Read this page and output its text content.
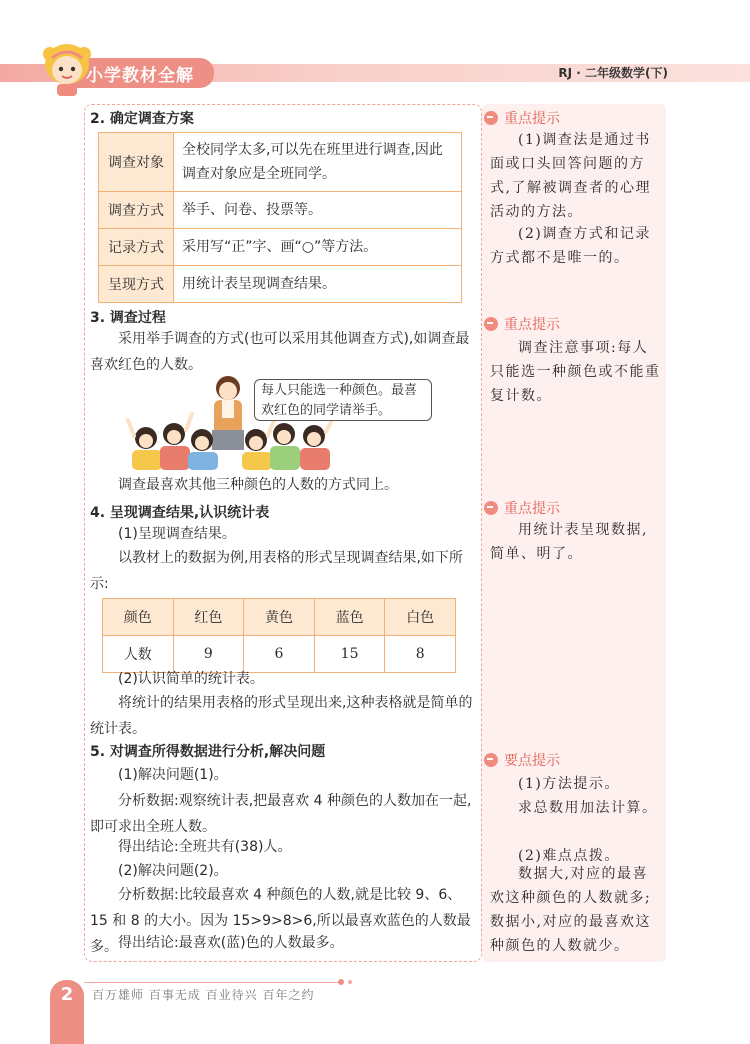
小学教材全解	RJ · 二年级数学(下)
2. 确定调查方案
调查对象	全校同学太多,可以先在班里进行调查,因此调查对象应是全班同学。
调查方式	举手、问卷、投票等。
记录方式	采用写“正”字、画“○”等方法。
呈现方式	用统计表呈现调查结果。
3. 调查过程
采用举手调查的方式(也可以采用其他调查方式),如调查最喜欢红色的人数。
每人只能选一种颜色。最喜欢红色的同学请举手。
调查最喜欢其他三种颜色的人数的方式同上。
4. 呈现调查结果,认识统计表
(1)呈现调查结果。
以教材上的数据为例,用表格的形式呈现调查结果,如下所示:
颜色	红色	黄色	蓝色	白色
人数	9	6	15	8
(2)认识简单的统计表。
将统计的结果用表格的形式呈现出来,这种表格就是简单的统计表。
5. 对调查所得数据进行分析,解决问题
(1)解决问题(1)。
分析数据:观察统计表,把最喜欢 4 种颜色的人数加在一起,即可求出全班人数。
得出结论:全班共有(38)人。
(2)解决问题(2)。
分析数据:比较最喜欢 4 种颜色的人数,就是比较 9、6、15 和 8 的大小。因为 15>9>8>6,所以最喜欢蓝色的人数最多。 得出结论:最喜欢(蓝)色的人数最多。
重点提示
(1)调查法是通过书面或口头回答问题的方式,了解被调查者的心理活动的方法。
(2)调查方式和记录方式都不是唯一的。
重点提示
调查注意事项:每人只能选一种颜色或不能重复计数。
重点提示
用统计表呈现数据,简单、明了。
要点提示
(1)方法提示。
求总数用加法计算。
(2)难点点拨。
数据大,对应的最喜欢这种颜色的人数就多;数据小,对应的最喜欢这种颜色的人数就少。
2	百万雄师 百事无成 百业待兴 百年之约
